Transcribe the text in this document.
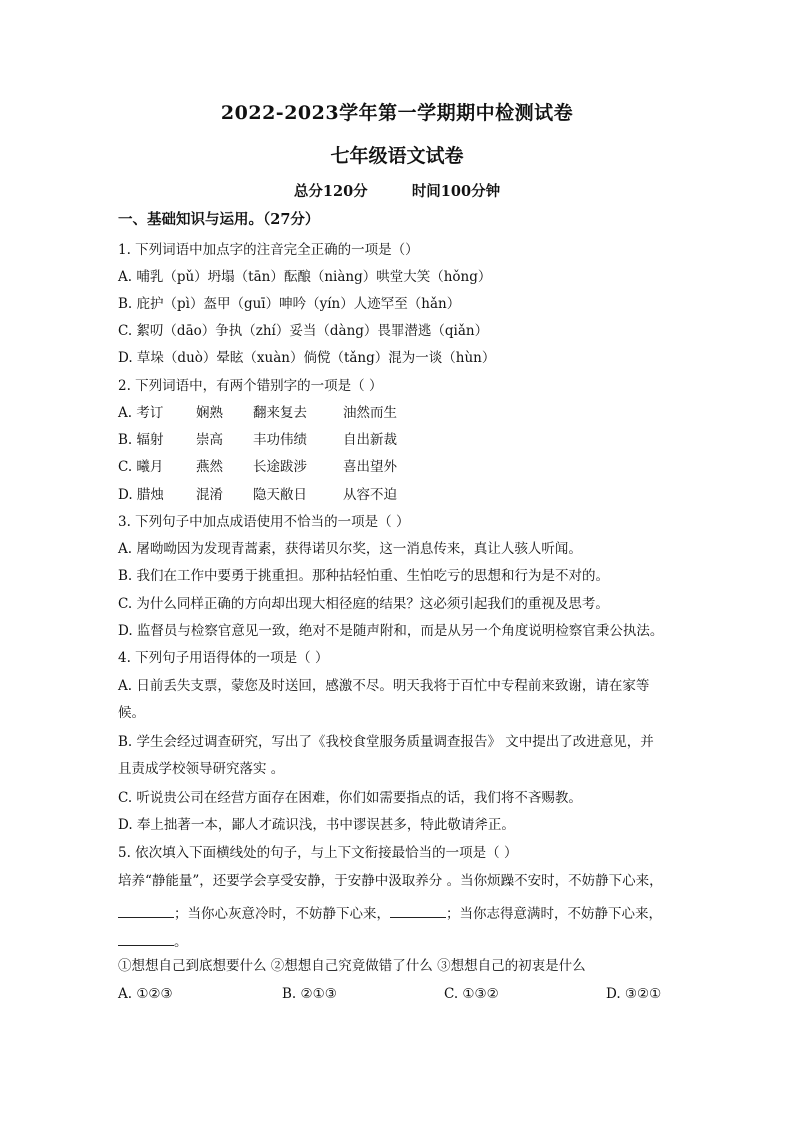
2022-2023学年第一学期期中检测试卷
七年级语文试卷
总分120分	时间100分钟
一、基础知识与运用。（27分）
1. 下列词语中加点字的注音完全正确的一项是（）
A. 哺乳（pǔ）坍塌（tān）酝酿（niàng）哄堂大笑（hǒng）
B. 庇护（pì）盔甲（guī）呻吟（yín）人迹罕至（hǎn）
C. 絮叨（dāo）争执（zhí）妥当（dàng）畏罪潜逃（qiǎn）
D. 草垛（duò）晕眩（xuàn）倘傥（tǎng）混为一谈（hùn）
2. 下列词语中，有两个错别字的一项是（ ）
A. 考订 娴熟 翻来复去	油然而生
B. 辐射 崇高 丰功伟绩	自出新裁
C. 曦月 燕然 长途跋涉	喜出望外
D. 腊烛 混淆 隐天敝日	从容不迫
3. 下列句子中加点成语使用不恰当的一项是（ ）
A. 屠呦呦因为发现青蒿素，获得诺贝尔奖，这一消息传来，真让人骇人听闻。
B. 我们在工作中要勇于挑重担。那种拈轻怕重、生怕吃亏的思想和行为是不对的。
C. 为什么同样正确的方向却出现大相径庭的结果？这必须引起我们的重视及思考。
D. 监督员与检察官意见一致，绝对不是随声附和，而是从另一个角度说明检察官秉公执法。
4. 下列句子用语得体的一项是（ ）
A. 日前丢失支票，蒙您及时送回，感激不尽。明天我将于百忙中专程前来致谢，请在家等
候。
B. 学生会经过调查研究，写出了《我校食堂服务质量调查报告》 文中提出了改进意见，并
且责成学校领导研究落实 。
C. 听说贵公司在经营方面存在困难，你们如需要指点的话，我们将不吝赐教。
D. 奉上拙著一本，鄙人才疏识浅，书中谬误甚多，特此敬请斧正。
5. 依次填入下面横线处的句子，与上下文衔接最恰当的一项是（ ）
培养“静能量”，还要学会享受安静，于安静中汲取养分 。当你烦躁不安时，不妨静下心来，
；当你心灰意冷时，不妨静下心来，	；当你志得意满时，不妨静下心来，
。
①想想自己到底想要什么 ②想想自己究竟做错了什么 ③想想自己的初衷是什么
A. ①②③	B. ②①③	C. ①③②	D. ③②①
